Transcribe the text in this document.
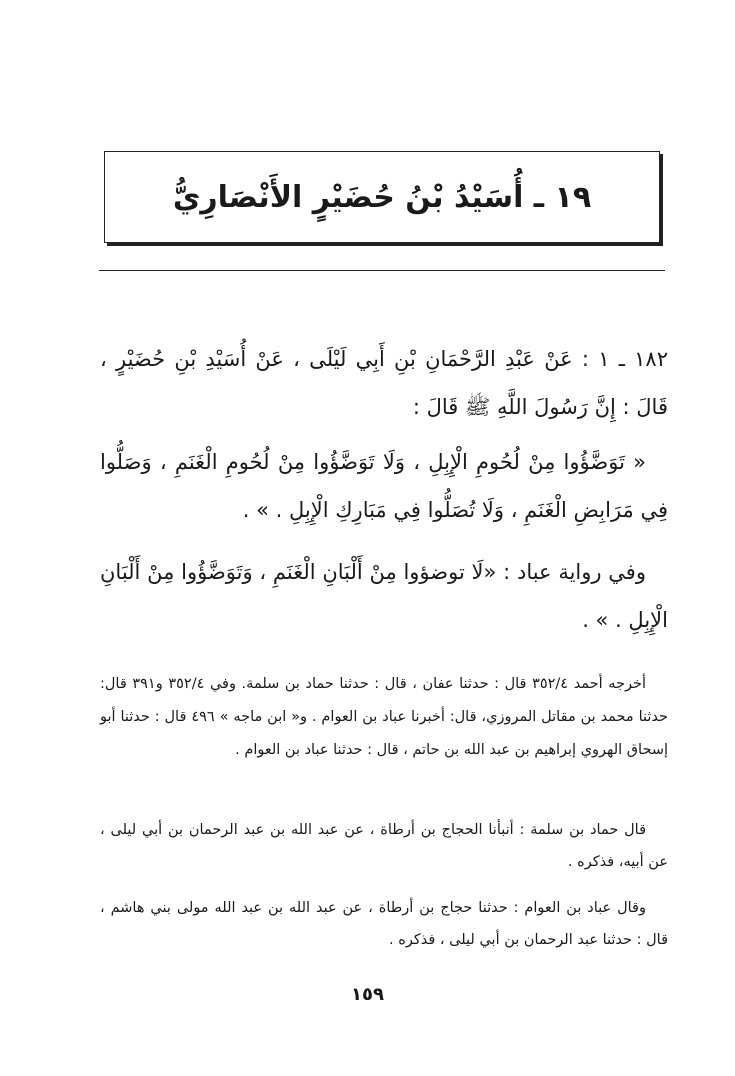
١٩ ـ أُسَيْدُ بْنُ حُضَيْرٍ الأَنْصَارِيُّ
١٨٢ ـ ١ : عَنْ عَبْدِ الرَّحْمَانِ بْنِ أَبِي لَيْلَى ، عَنْ أُسَيْدِ بْنِ حُضَيْرٍ ، قَالَ : إِنَّ رَسُولَ اللَّهِ ﷺ قَالَ :
« تَوَضَّؤُوا مِنْ لُحُومِ الْإِبِلِ ، وَلَا تَوَضَّؤُوا مِنْ لُحُومِ الْغَنَمِ ، وَصَلُّوا فِي مَرَابِضِ الْغَنَمِ ، وَلَا تُصَلُّوا فِي مَبَارِكِ الْإِبِلِ . » .
وفي رواية عباد : «لَا توضؤوا مِنْ أَلْبَانِ الْغَنَمِ ، وَتَوَضَّؤُوا مِنْ أَلْبَانِ الْإِبِلِ . » .
أخرجه أحمد ٣٥٢/٤ قال : حدثنا عفان ، قال : حدثنا حماد بن سلمة. وفي ٣٥٢/٤ و٣٩١ قال: حدثنا محمد بن مقاتل المروزي، قال: أخبرنا عباد بن العوام . و« ابن ماجه » ٤٩٦ قال : حدثنا أبو إسحاق الهروي إبراهيم بن عبد الله بن حاتم ، قال : حدثنا عباد بن العوام .
قال حماد بن سلمة : أنبأنا الحجاج بن أرطاة ، عن عبد الله بن عبد الرحمان بن أبي ليلى ، عن أبيه، فذكره .
وقال عباد بن العوام : حدثنا حجاج بن أرطاة ، عن عبد الله بن عبد الله مولى بني هاشم ، قال : حدثنا عبد الرحمان بن أبي ليلى ، فذكره .
١٥٩
